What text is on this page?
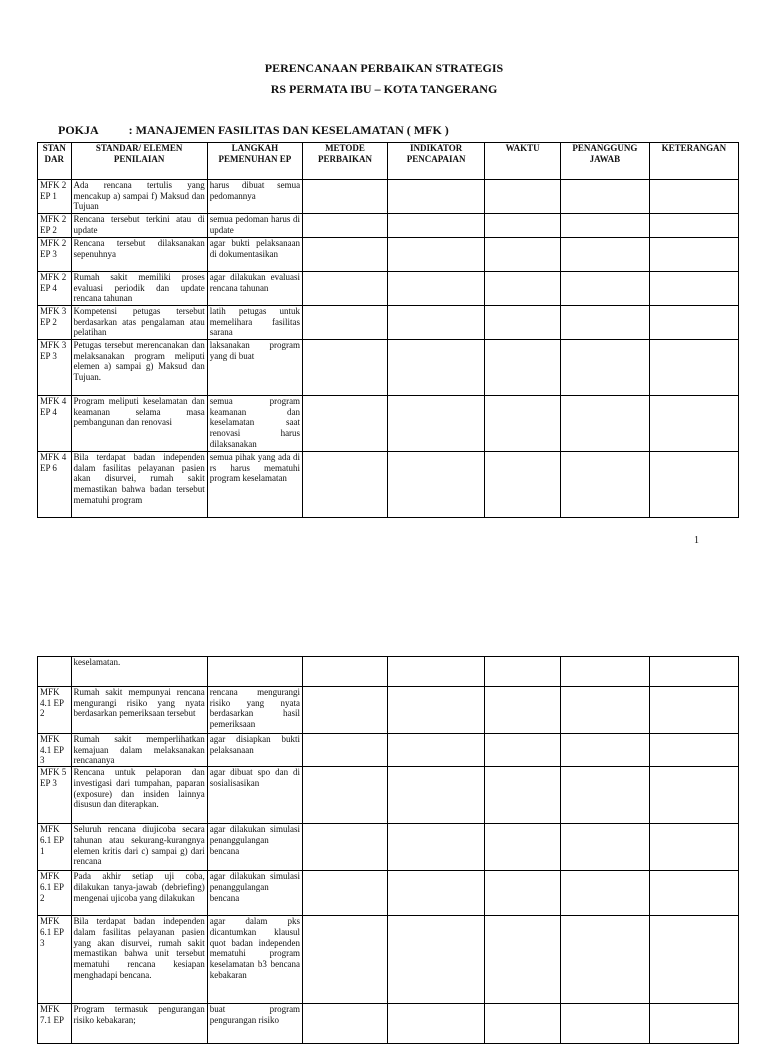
PERENCANAAN PERBAIKAN STRATEGIS
RS PERMATA IBU – KOTA TANGERANG
POKJA	: MANAJEMEN FASILITAS DAN KESELAMATAN ( MFK )
STAN DAR	STANDAR/ ELEMEN PENILAIAN	LANGKAH PEMENUHAN EP	METODE PERBAIKAN	INDIKATOR PENCAPAIAN	WAKTU	PENANGGUNG JAWAB	KETERANGAN
MFK 2 EP 1	Ada rencana tertulis yang mencakup a) sampai f) Maksud dan Tujuan	harus dibuat semua pedomannya					
MFK 2 EP 2	Rencana tersebut terkini atau di update	semua pedoman harus di update					
MFK 2 EP 3	Rencana tersebut dilaksanakan sepenuhnya	agar bukti pelaksanaan di dokumentasikan					
MFK 2 EP 4	Rumah sakit memiliki proses evaluasi periodik dan update rencana tahunan	agar dilakukan evaluasi rencana tahunan					
MFK 3 EP 2	Kompetensi petugas tersebut berdasarkan atas pengalaman atau pelatihan	latih petugas untuk memelihara fasilitas sarana					
MFK 3 EP 3	Petugas tersebut merencanakan dan melaksanakan program meliputi elemen a) sampai g) Maksud dan Tujuan.	laksanakan program yang di buat					
MFK 4 EP 4	Program meliputi keselamatan dan keamanan selama masa pembangunan dan renovasi	semua program keamanan dan keselamatan saat renovasi harus dilaksanakan					
MFK 4 EP 6	Bila terdapat badan independen dalam fasilitas pelayanan pasien akan disurvei, rumah sakit memastikan bahwa badan tersebut mematuhi program	semua pihak yang ada di rs harus mematuhi program keselamatan					
1
	keselamatan.						
MFK 4.1 EP 2	Rumah sakit mempunyai rencana mengurangi risiko yang nyata berdasarkan pemeriksaan tersebut	rencana mengurangi risiko yang nyata berdasarkan hasil pemeriksaan					
MFK 4.1 EP 3	Rumah sakit memperlihatkan kemajuan dalam melaksanakan rencananya	agar disiapkan bukti pelaksanaan					
MFK 5 EP 3	Rencana untuk pelaporan dan investigasi dari tumpahan, paparan (exposure) dan insiden lainnya disusun dan diterapkan.	agar dibuat spo dan di sosialisasikan					
MFK 6.1 EP 1	Seluruh rencana diujicoba secara tahunan atau sekurang-kurangnya elemen kritis dari c) sampai g) dari rencana	agar dilakukan simulasi penanggulangan bencana					
MFK 6.1 EP 2	Pada akhir setiap uji coba, dilakukan tanya-jawab (debriefing) mengenai ujicoba yang dilakukan	agar dilakukan simulasi penanggulangan bencana					
MFK 6.1 EP 3	Bila terdapat badan independen dalam fasilitas pelayanan pasien yang akan disurvei, rumah sakit memastikan bahwa unit tersebut mematuhi rencana kesiapan menghadapi bencana.	agar dalam pks dicantumkan klausul quot badan independen mematuhi program keselamatan b3 bencana kebakaran					
MFK 7.1 EP	Program termasuk pengurangan risiko kebakaran;	buat program pengurangan risiko					
